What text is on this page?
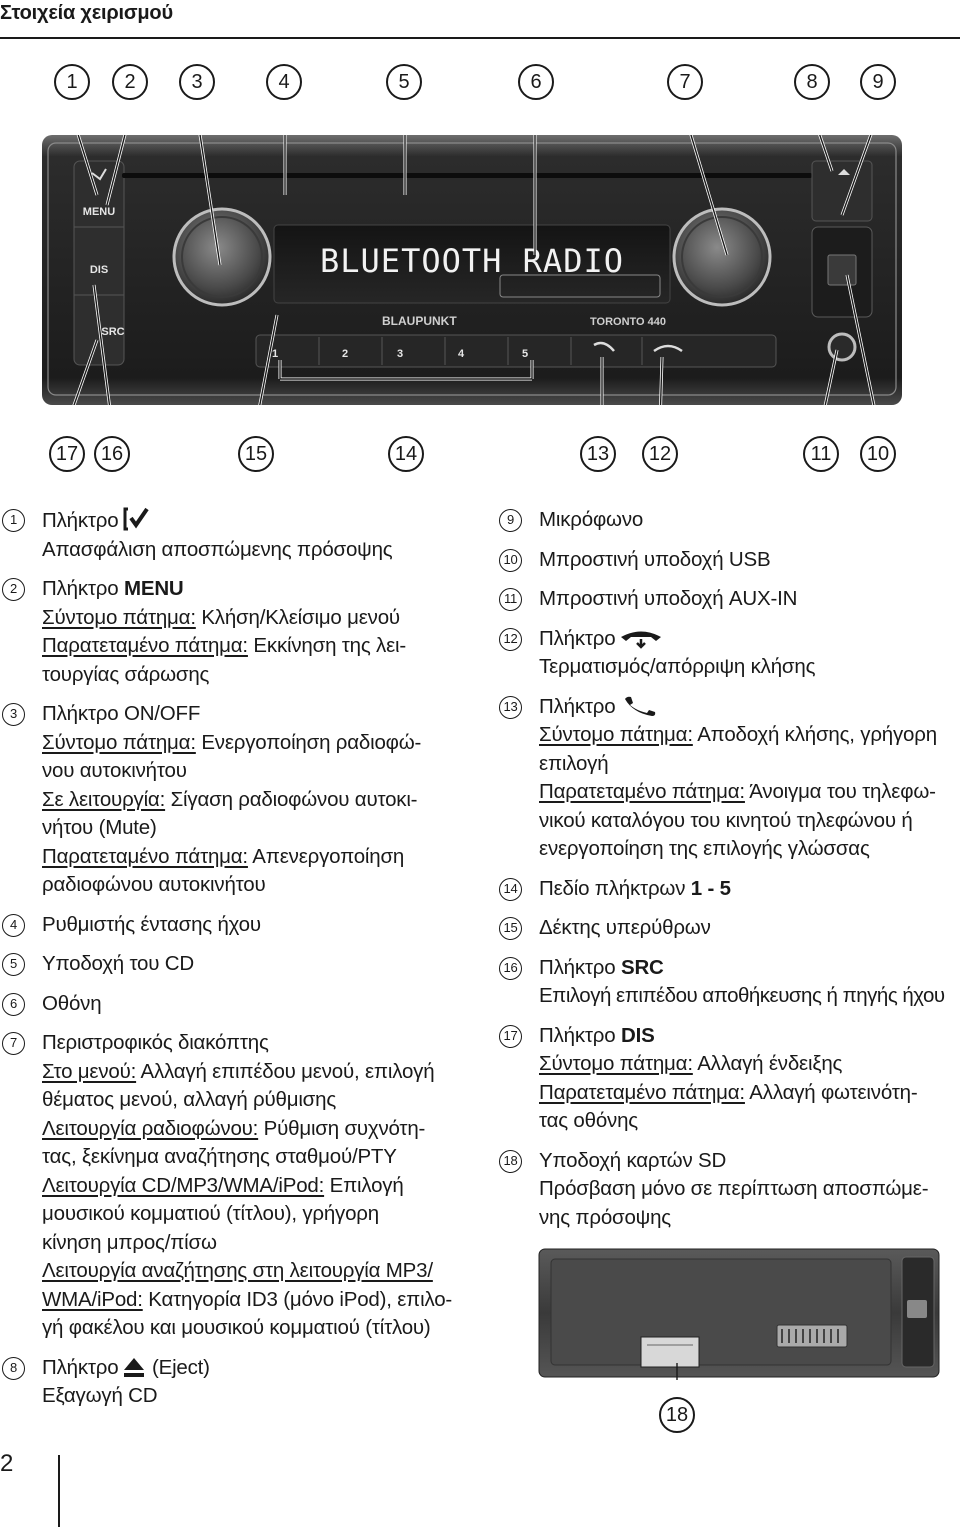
Στοιχεία χειρισμού
1	2	3	4	5	6	7	8	9
MENU
DIS
SRC
BLUETOOTH RADIO
BLAUPUNKT	TORONTO 440
1	2	3	4	5
17	16	15	14	13	12	11	10
1	Πλήκτρο
Απασφάλιση αποσπώμενης πρόσοψης
2	Πλήκτρο MENU
Σύντομο πάτημα: Κλήση/Κλείσιμο μενού
Παρατεταμένο πάτημα: Εκκίνηση της λει-
τουργίας σάρωσης
3	Πλήκτρο ON/OFF
Σύντομο πάτημα: Ενεργοποίηση ραδιοφώ-
νου αυτοκινήτου
Σε λειτουργία: Σίγαση ραδιοφώνου αυτοκι-
νήτου (Mute)
Παρατεταμένο πάτημα: Απενεργοποίηση
ραδιοφώνου αυτοκινήτου
4	Ρυθμιστής έντασης ήχου
5	Υποδοχή του CD
6	Οθόνη
7	Περιστροφικός διακόπτης
Στο μενού: Αλλαγή επιπέδου μενού, επιλογή
θέματος μενού, αλλαγή ρύθμισης
Λειτουργία ραδιοφώνου: Ρύθμιση συχνότη-
τας, ξεκίνημα αναζήτησης σταθμού/PTY
Λειτουργία CD/MP3/WMA/iPod: Επιλογή
μουσικού κομματιού (τίτλου), γρήγορη
κίνηση μπρος/πίσω
Λειτουργία αναζήτησης στη λειτουργία MP3/
WMA/iPod: Κατηγορία ID3 (μόνο iPod), επιλο-
γή φακέλου και μουσικού κομματιού (τίτλου)
8	Πλήκτρο (Eject)
Εξαγωγή CD
9	Μικρόφωνο
10 Μπροστινή υποδοχή USB
11 Μπροστινή υποδοχή AUX-IN
12 Πλήκτρο
Τερματισμός/απόρριψη κλήσης
13 Πλήκτρο
Σύντομο πάτημα: Αποδοχή κλήσης, γρήγορη
επιλογή
Παρατεταμένο πάτημα: Άνοιγμα του τηλεφω-
νικού καταλόγου του κινητού τηλεφώνου ή
ενεργοποίηση της επιλογής γλώσσας
14 Πεδίο πλήκτρων 1 - 5
15 Δέκτης υπερύθρων
16 Πλήκτρο SRC
Επιλογή επιπέδου αποθήκευσης ή πηγής ήχου
17 Πλήκτρο DIS
Σύντομο πάτημα: Αλλαγή ένδειξης
Παρατεταμένο πάτημα: Αλλαγή φωτεινότη-
τας οθόνης
18 Υποδοχή καρτών SD
Πρόσβαση μόνο σε περίπτωση αποσπώμε-
νης πρόσοψης
18
2
